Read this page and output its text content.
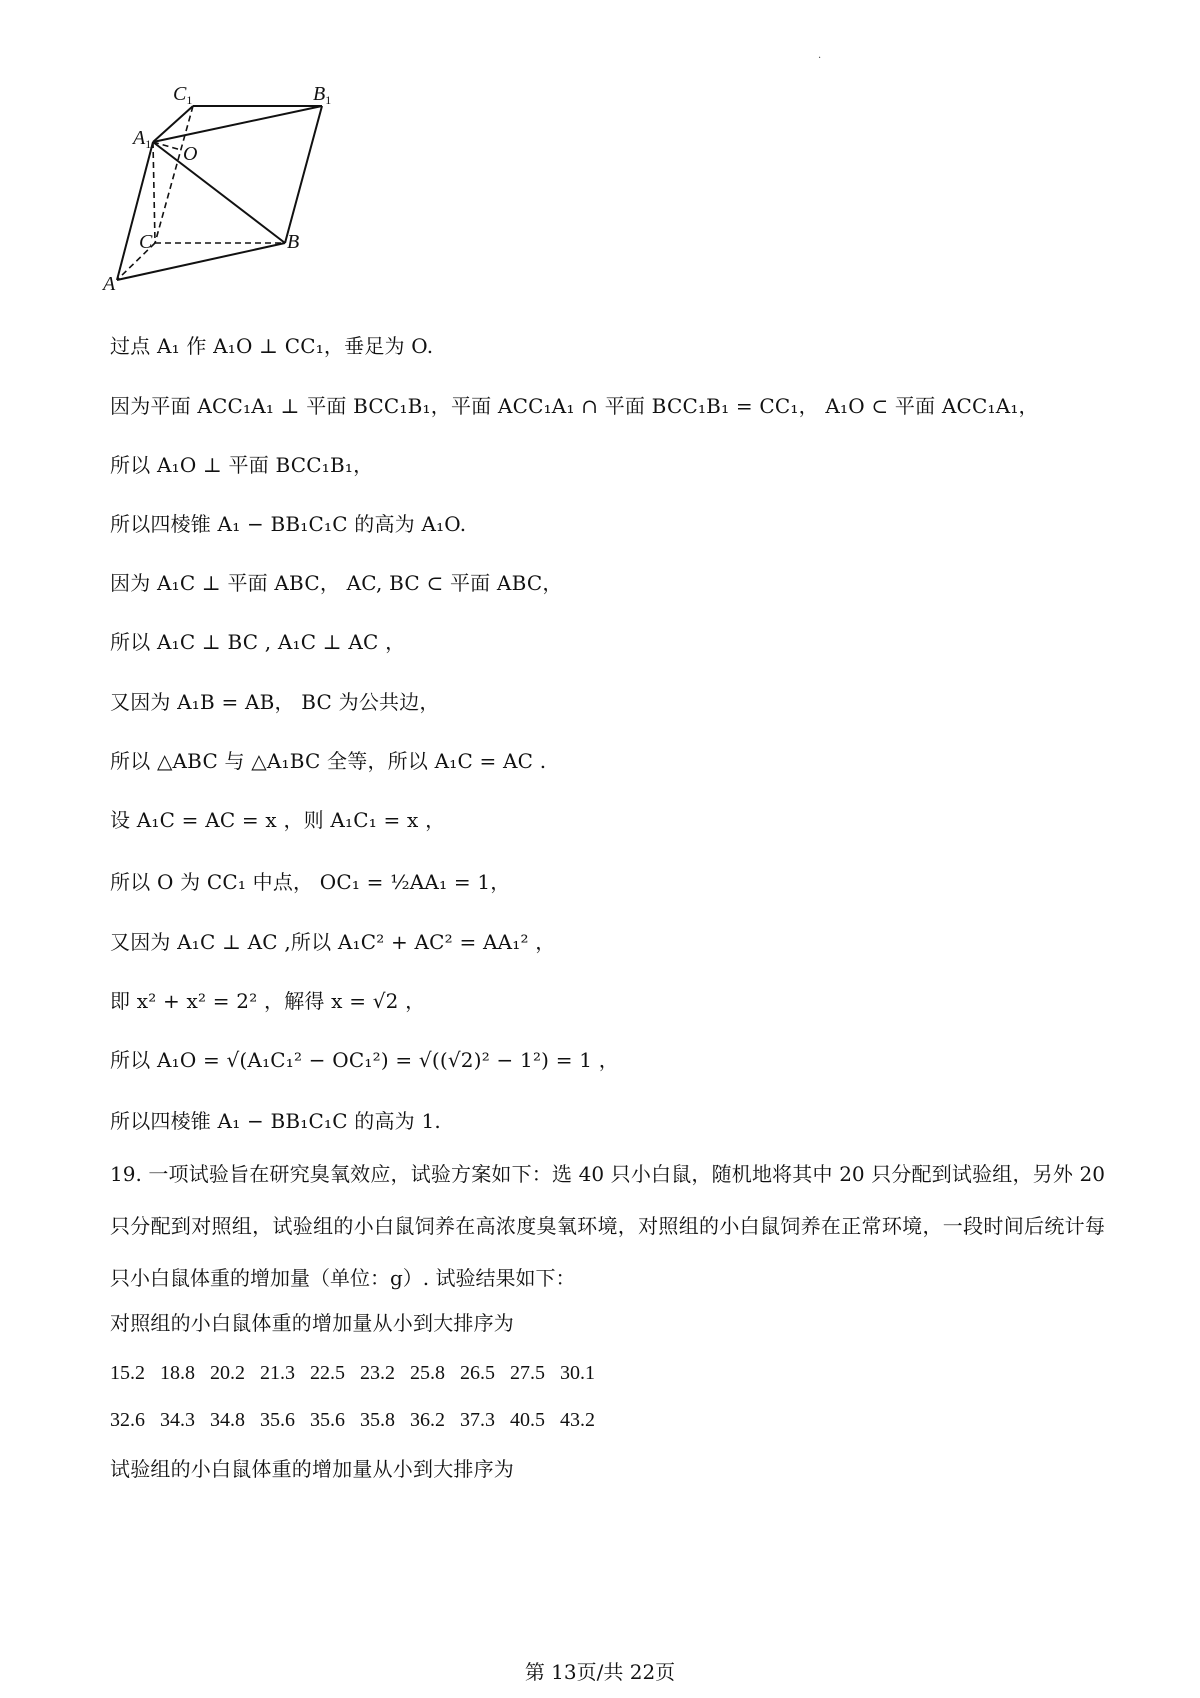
$C_1$	$B_1$
$A_1$ O
C	B
A
.
过点 A₁ 作 A₁O ⊥ CC₁，垂足为 O.
因为平面 ACC₁A₁ ⊥ 平面 BCC₁B₁，平面 ACC₁A₁ ∩ 平面 BCC₁B₁ = CC₁， A₁O ⊂ 平面 ACC₁A₁，
所以 A₁O ⊥ 平面 BCC₁B₁，
所以四棱锥 A₁ − BB₁C₁C 的高为 A₁O.
因为 A₁C ⊥ 平面 ABC， AC, BC ⊂ 平面 ABC，
所以 A₁C ⊥ BC , A₁C ⊥ AC ，
又因为 A₁B = AB， BC 为公共边，
所以 △ABC 与 △A₁BC 全等，所以 A₁C = AC .
设 A₁C = AC = x ，则 A₁C₁ = x ，
所以 O 为 CC₁ 中点， OC₁ = ½AA₁ = 1，
又因为 A₁C ⊥ AC ,所以 A₁C² + AC² = AA₁² ，
即 x² + x² = 2² ，解得 x = √2 ，
所以 A₁O = √(A₁C₁² − OC₁²) = √((√2)² − 1²) = 1 ，
所以四棱锥 A₁ − BB₁C₁C 的高为 1.
19. 一项试验旨在研究臭氧效应，试验方案如下：选 40 只小白鼠，随机地将其中 20 只分配到试验组，另外 20 只分配到对照组，试验组的小白鼠饲养在高浓度臭氧环境，对照组的小白鼠饲养在正常环境，一段时间后统计每只小白鼠体重的增加量（单位：g）. 试验结果如下：
对照组的小白鼠体重的增加量从小到大排序为
15.2 18.8 20.2 21.3 22.5 23.2 25.8 26.5 27.5 30.1
32.6 34.3 34.8 35.6 35.6 35.8 36.2 37.3 40.5 43.2
试验组的小白鼠体重的增加量从小到大排序为
第 13页/共 22页
